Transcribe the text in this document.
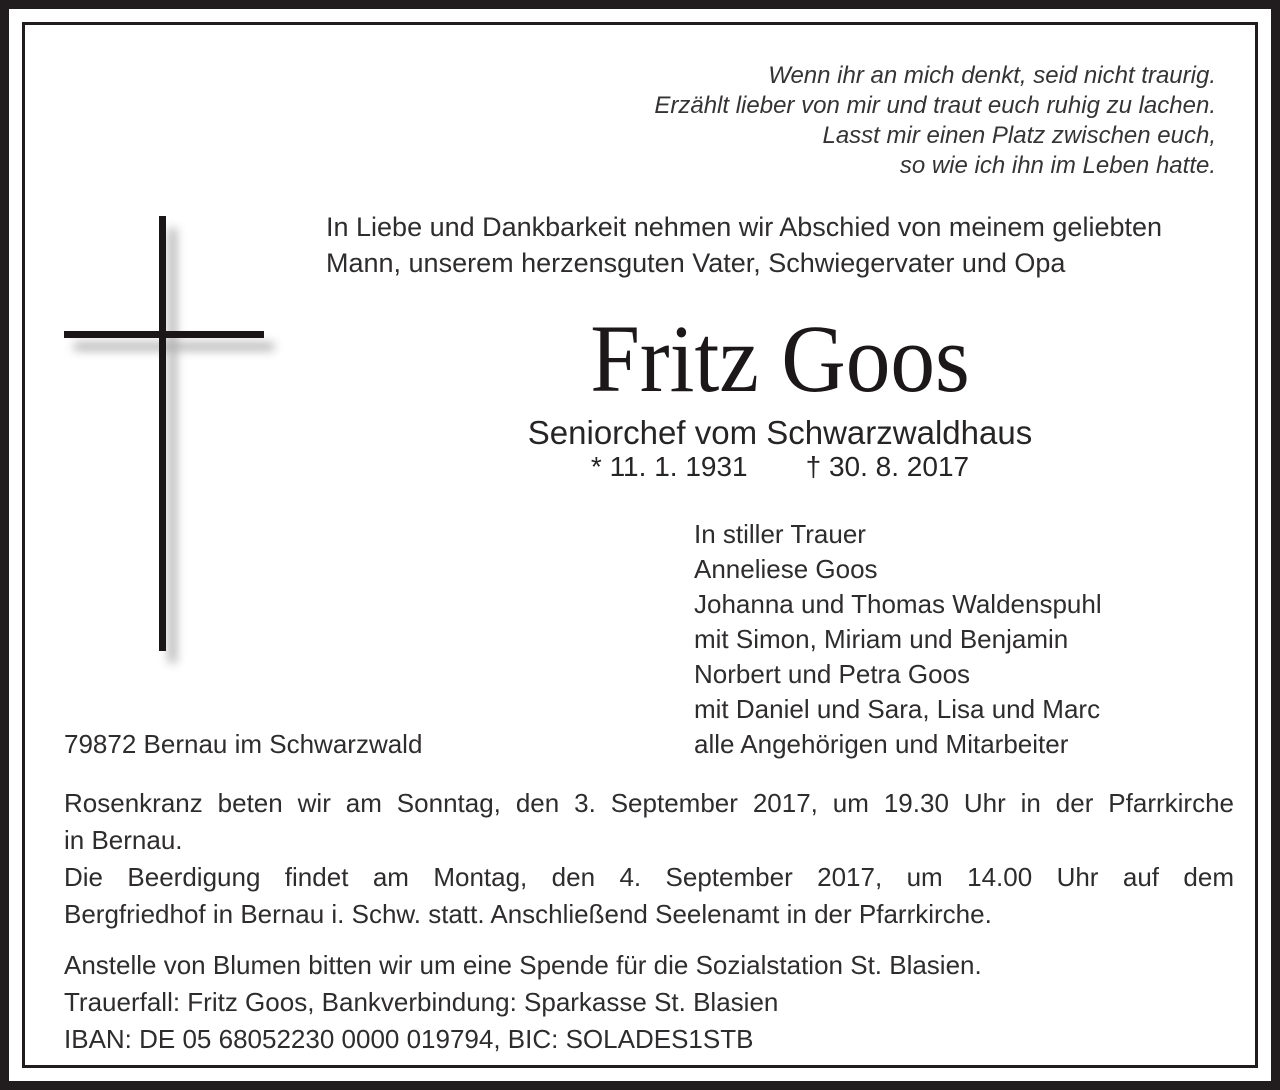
Wenn ihr an mich denkt, seid nicht traurig.
Erzählt lieber von mir und traut euch ruhig zu lachen.
Lasst mir einen Platz zwischen euch,
so wie ich ihn im Leben hatte.
In Liebe und Dankbarkeit nehmen wir Abschied von meinem geliebten
Mann, unserem herzensguten Vater, Schwiegervater und Opa
Fritz Goos
Seniorchef vom Schwarzwaldhaus
* 11. 1. 1931 † 30. 8. 2017
In stiller Trauer
Anneliese Goos
Johanna und Thomas Waldenspuhl
mit Simon, Miriam und Benjamin
Norbert und Petra Goos
mit Daniel und Sara, Lisa und Marc
alle Angehörigen und Mitarbeiter
79872 Bernau im Schwarzwald
Rosenkranz beten wir am Sonntag, den 3. September 2017, um 19.30 Uhr in der Pfarrkirche
in Bernau.
Die Beerdigung findet am Montag, den 4. September 2017, um 14.00 Uhr auf dem
Bergfriedhof in Bernau i. Schw. statt. Anschließend Seelenamt in der Pfarrkirche.
Anstelle von Blumen bitten wir um eine Spende für die Sozialstation St. Blasien.
Trauerfall: Fritz Goos, Bankverbindung: Sparkasse St. Blasien
IBAN: DE 05 68052230 0000 019794, BIC: SOLADES1STB
